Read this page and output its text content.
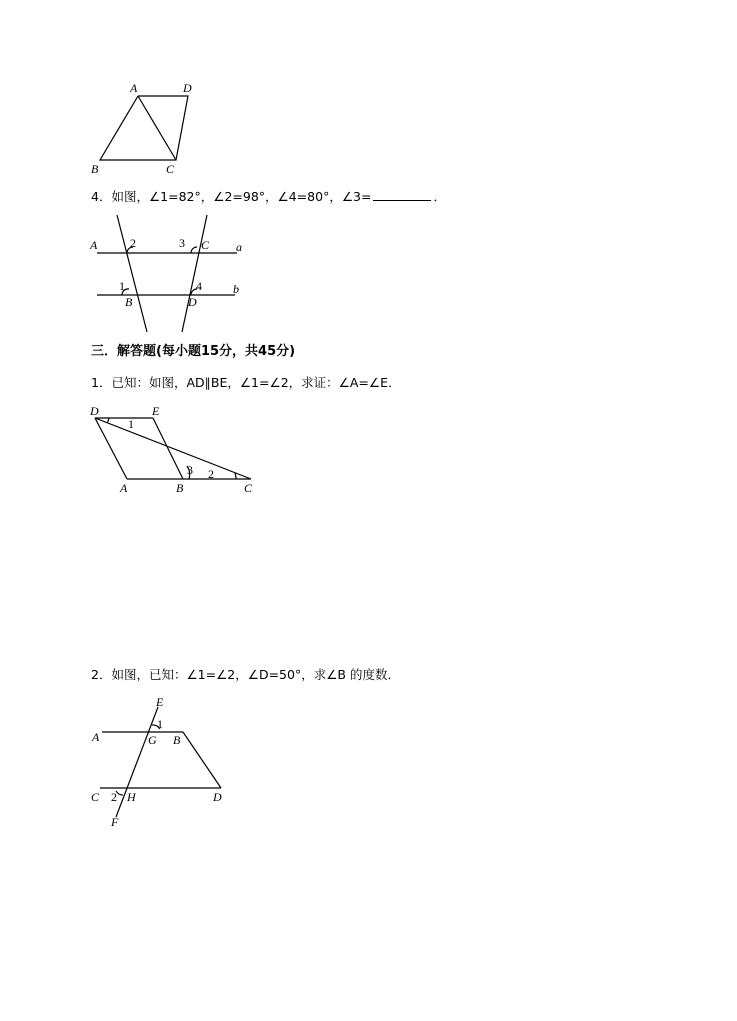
A	D
B	C
4．如图，∠1=82°，∠2=98°，∠4=80°，∠3=	．
A	2	3 C a
1	4	b
B	D
三．解答题(每小题15分，共45分)
1．已知：如图，AD∥BE，∠1=∠2，求证：∠A=∠E．
D	E
1
3 2
A	B	C
2．如图，已知：∠1=∠2，∠D=50°，求∠B 的度数．
E
1
A	G B
C 2 H	D
F
